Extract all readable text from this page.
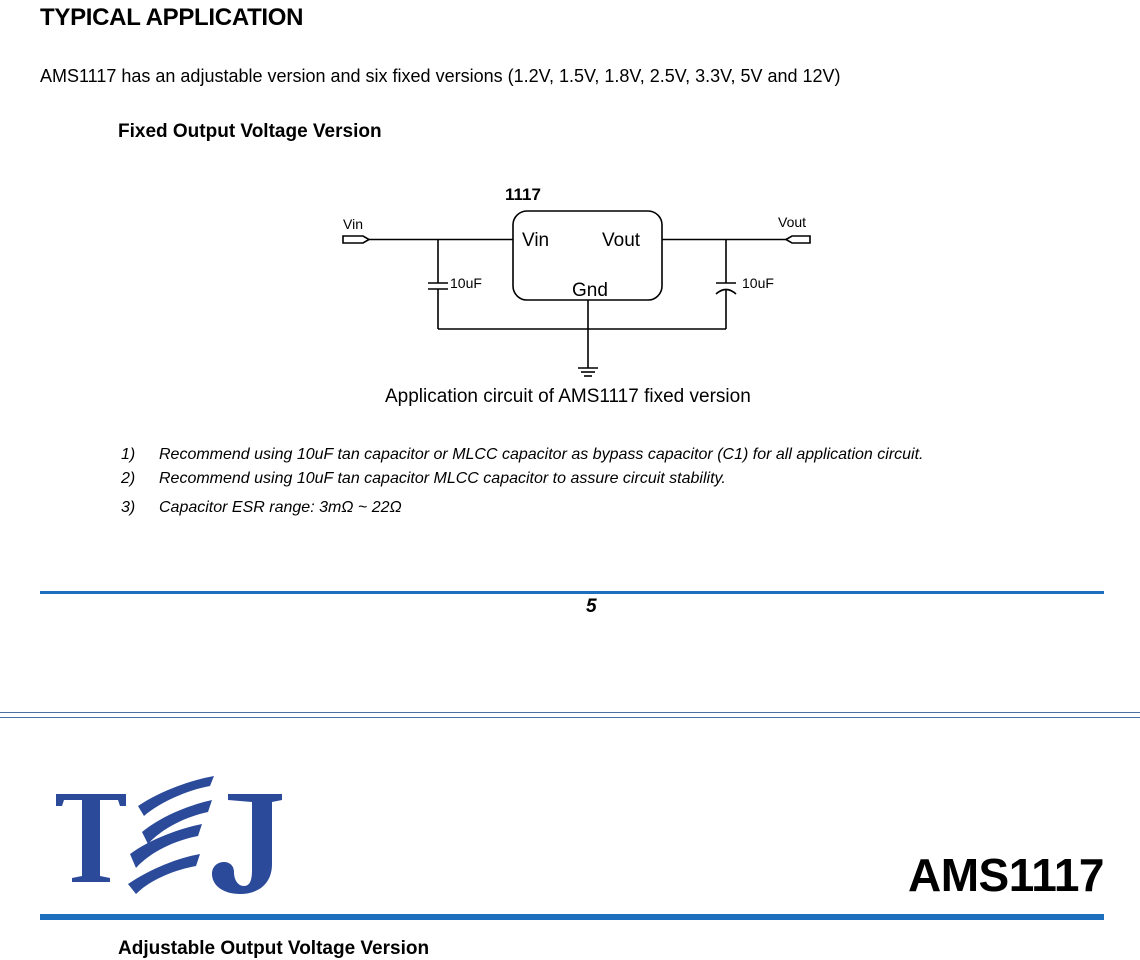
TYPICAL APPLICATION
AMS1117 has an adjustable version and six fixed versions (1.2V, 1.5V, 1.8V, 2.5V, 3.3V, 5V and 12V)
Fixed Output Voltage Version
1117
Vin	Vout
Gnd
Vin	Vout
10uF	10uF
Application circuit of AMS1117 fixed version
1) Recommend using 10uF tan capacitor or MLCC capacitor as bypass capacitor (C1) for all application circuit.
2) Recommend using 10uF tan capacitor MLCC capacitor to assure circuit stability.
3) Capacitor ESR range: 3mΩ ~ 22Ω
5
AMS1117
Adjustable Output Voltage Version
